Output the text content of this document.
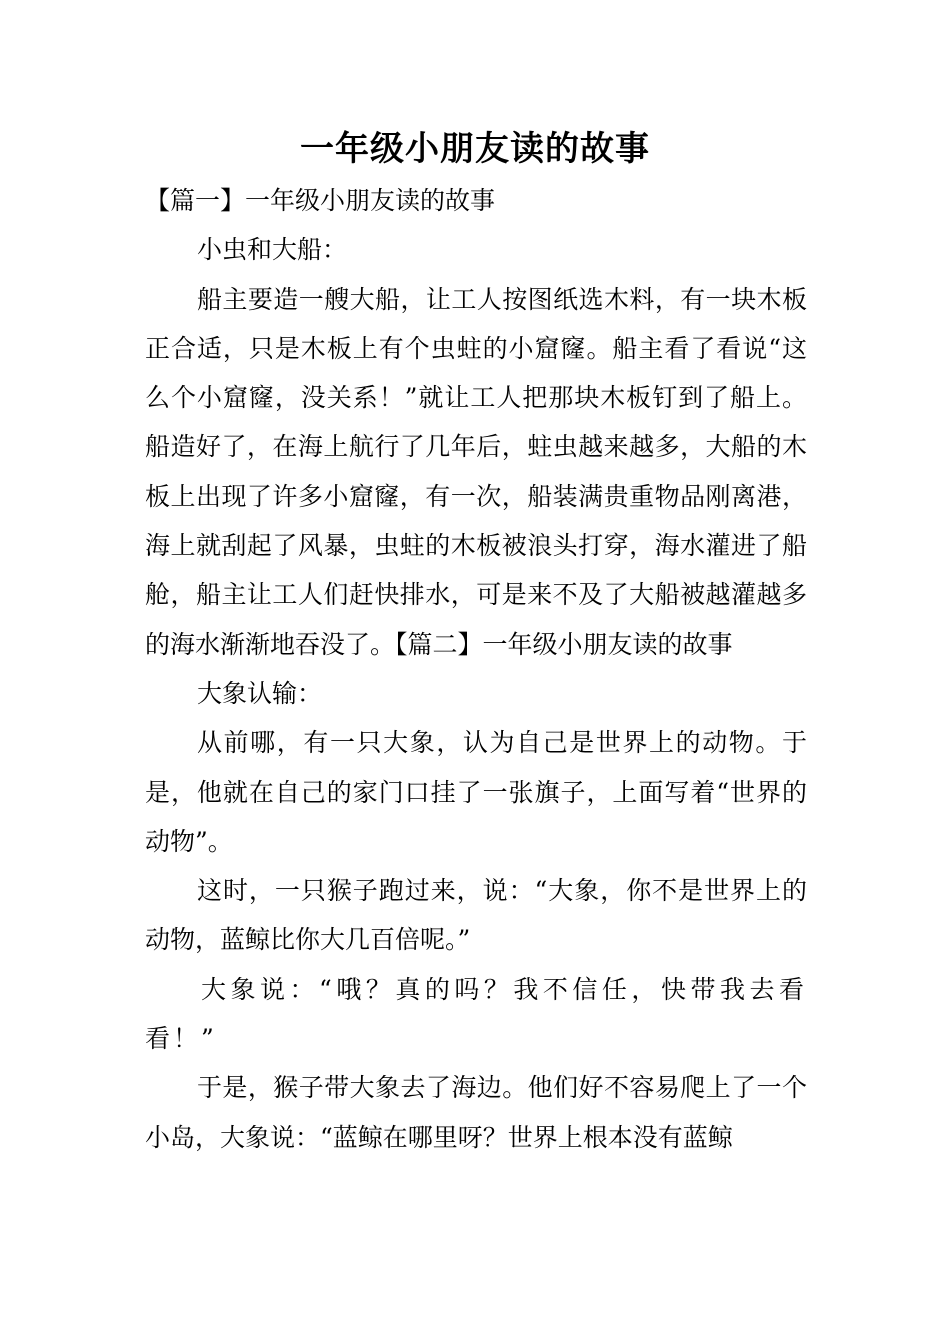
一年级小朋友读的故事

【篇一】一年级小朋友读的故事

小虫和大船：

船主要造一艘大船，让工人按图纸选木料，有一块木板正合适，只是木板上有个虫蛀的小窟窿。船主看了看说“这么个小窟窿，没关系！”就让工人把那块木板钉到了船上。船造好了，在海上航行了几年后，蛀虫越来越多，大船的木板上出现了许多小窟窿，有一次，船装满贵重物品刚离港，海上就刮起了风暴，虫蛀的木板被浪头打穿，海水灌进了船舱，船主让工人们赶快排水，可是来不及了大船被越灌越多的海水渐渐地吞没了。【篇二】一年级小朋友读的故事

大象认输：

从前哪，有一只大象，认为自己是世界上的动物。于是，他就在自己的家门口挂了一张旗子，上面写着“世界的动物”。

这时，一只猴子跑过来，说：“大象，你不是世界上的动物，蓝鲸比你大几百倍呢。”

大象说：“哦？真的吗？我不信任，快带我去看看！”

于是，猴子带大象去了海边。他们好不容易爬上了一个小岛，大象说：“蓝鲸在哪里呀？世界上根本没有蓝鲸
